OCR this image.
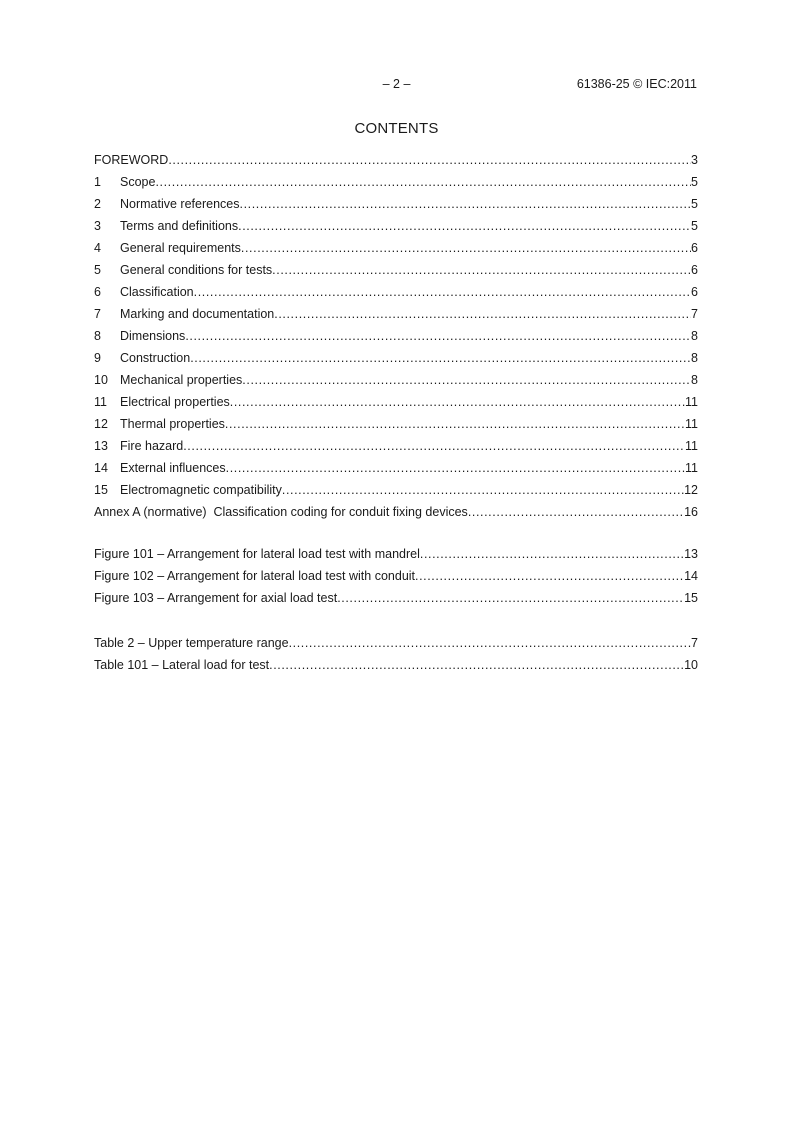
– 2 –	61386-25 © IEC:2011
CONTENTS
FOREWORD .....	3
1	Scope .....	5
2	Normative references .....	5
3	Terms and definitions .....	5
4	General requirements .....	6
5	General conditions for tests .....	6
6	Classification .....	6
7	Marking and documentation .....	7
8	Dimensions .....	8
9	Construction .....	8
10 Mechanical properties .....	8
11	Electrical properties .....	11
12 Thermal properties .....	11
13 Fire hazard .....	11
14 External influences .....	11
15 Electromagnetic compatibility .....	12
Annex A (normative)  Classification coding for conduit fixing devices .....	16
Figure 101 – Arrangement for lateral load test with mandrel .....	13
Figure 102 – Arrangement for lateral load test with conduit .....	14
Figure 103 – Arrangement for axial load test .....	15
Table 2 – Upper temperature range .....	7
Table 101 – Lateral load for test .....	10
